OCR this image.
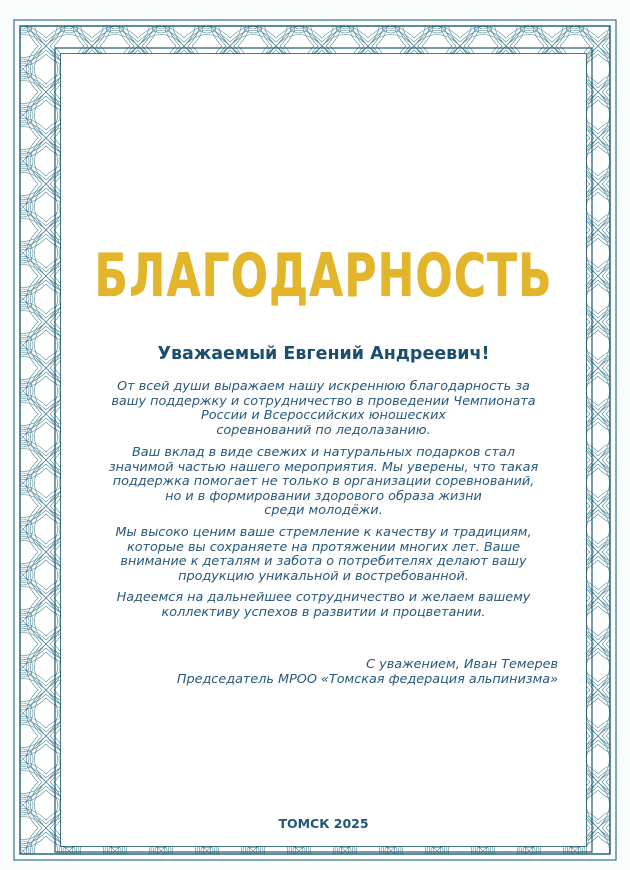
БЛАГОДАРНОСТЬ
Уважаемый Евгений Андреевич!
От всей души выражаем нашу искреннюю благодарность за
вашу поддержку и сотрудничество в проведении Чемпионата
России и Всероссийских юношеских
соревнований по ледолазанию.
Ваш вклад в виде свежих и натуральных подарков стал
значимой частью нашего мероприятия. Мы уверены, что такая
поддержка помогает не только в организации соревнований,
но и в формировании здорового образа жизни
среди молодёжи.
Мы высоко ценим ваше стремление к качеству и традициям,
которые вы сохраняете на протяжении многих лет. Ваше
внимание к деталям и забота о потребителях делают вашу
продукцию уникальной и востребованной.
Надеемся на дальнейшее сотрудничество и желаем вашему
коллективу успехов в развитии и процветании.
С уважением, Иван Темерев
Председатель МРОО «Томская федерация альпинизма»
ТОМСК 2025
